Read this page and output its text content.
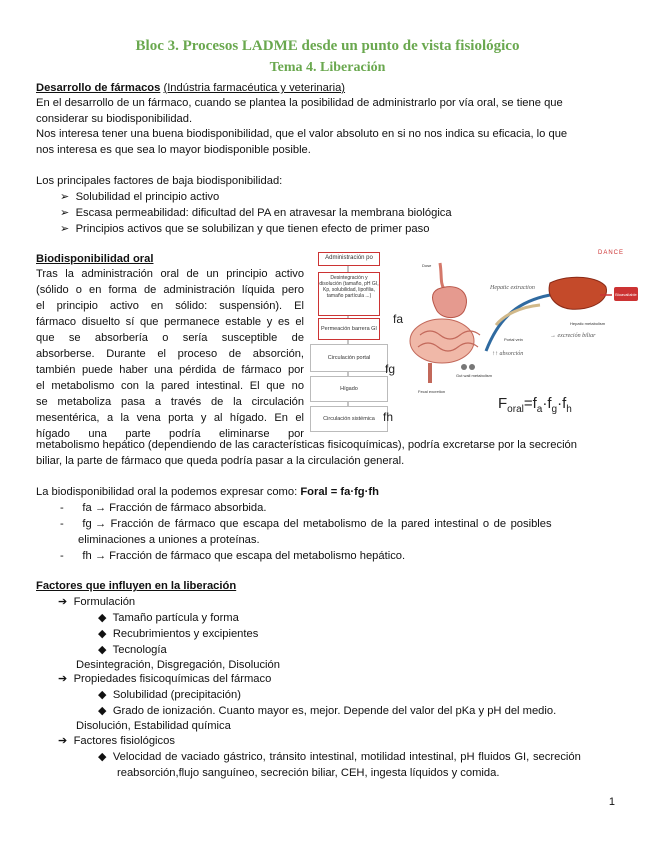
Bloc 3. Procesos LADME desde un punto de vista fisiológico
Tema 4. Liberación
Desarrollo de fármacos (Indústria farmacéutica y veterinaria)
En el desarrollo de un fármaco, cuando se plantea la posibilidad de administrarlo por vía oral, se tiene que
considerar su biodisponibilidad.
Nos interesa tener una buena biodisponibilidad, que el valor absoluto en si no nos indica su eficacia, lo que
nos interesa es que sea lo mayor biodisponible posible.
Los principales factores de baja biodisponibilidad:
➢ Solubilidad el principio activo
➢ Escasa permeabilidad: dificultad del PA en atravesar la membrana biológica
➢ Principios activos que se solubilizan y que tienen efecto de primer paso
Biodisponibilidad oral
Tras la administración oral de un principio activo
(sólido o en forma de administración líquida pero
el principio activo en sólido: suspensión). El
fármaco disuelto sí que permanece estable y es el
que se absorbería o sería susceptible de
absorberse. Durante el proceso de absorción,
también puede haber una pérdida de fármaco por
el metabolismo con la pared intestinal. El que no
se metaboliza pasa a través de la circulación
mesentérica, a la vena porta y al hígado. En el
hígado una parte podría eliminarse por
metabolismo hepático (dependiendo de las características fisicoquímicas), podría excretarse por la secreción
biliar, la parte de fármaco que queda podría pasar a la circulación general.
Administración po
Desintegración y disolución (tamaño, pH GI, Kp, solubilidad, lipofilia, tamaño partícula ...)
Permeación barrera GI
Circulación portal
Hígado
Circulación sistémica
fa
fg
fh
DANCE
Bioavailable
Dose
Fecal excretion
Gut wall metabolism
Hepatic metabolism
Portal vein
Hepatic extraction
↑↑ absorción
→ excreción biliar
$F_{oral}=f_a\cdot f_g\cdot f_h$
La biodisponibilidad oral la podemos expresar como: Foral = fa·fg·fh
-      fa → Fracción de fármaco absorbida.
-      fg → Fracción de fármaco que escapa del metabolismo de la pared intestinal o de posibles
eliminaciones a uniones a proteínas.
-      fh → Fracción de fármaco que escapa del metabolismo hepático.
Factores que influyen en la liberación
➔ Formulación
◆ Tamaño partícula y forma
◆ Recubrimientos y excipientes
◆ Tecnología
Desintegración, Disgregación, Disolución
➔ Propiedades fisicoquímicas del fármaco
◆ Solubilidad (precipitación)
◆ Grado de ionización. Cuanto mayor es, mejor. Depende del valor del pKa y pH del medio.
Disolución, Estabilidad química
➔ Factores fisiológicos
◆ Velocidad de vaciado gástrico, tránsito intestinal, motilidad intestinal, pH fluidos GI, secreción
reabsorción,flujo sanguíneo, secreción biliar, CEH, ingesta líquidos y comida.
1
